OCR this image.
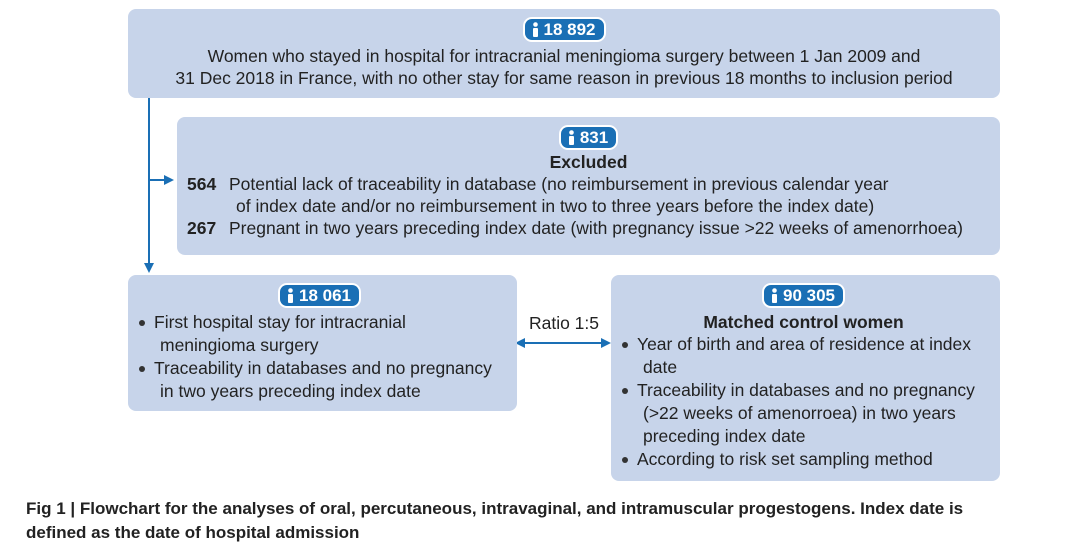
18 892
Women who stayed in hospital for intracranial meningioma surgery between 1 Jan 2009 and
31 Dec 2018 in France, with no other stay for same reason in previous 18 months to inclusion period
831
Excluded
564 Potential lack of traceability in database (no reimbursement in previous calendar year
of index date and/or no reimbursement in two to three years before the index date)
267 Pregnant in two years preceding index date (with pregnancy issue >22 weeks of amenorrhoea)
18 061
First hospital stay for intracranial
meningioma surgery
Traceability in databases and no pregnancy
in two years preceding index date
Ratio 1:5
90 305
Matched control women
Year of birth and area of residence at index
date
Traceability in databases and no pregnancy
(>22 weeks of amenorroea) in two years
preceding index date
According to risk set sampling method
Fig 1 | Flowchart for the analyses of oral, percutaneous, intravaginal, and intramuscular progestogens. Index date is
defined as the date of hospital admission
